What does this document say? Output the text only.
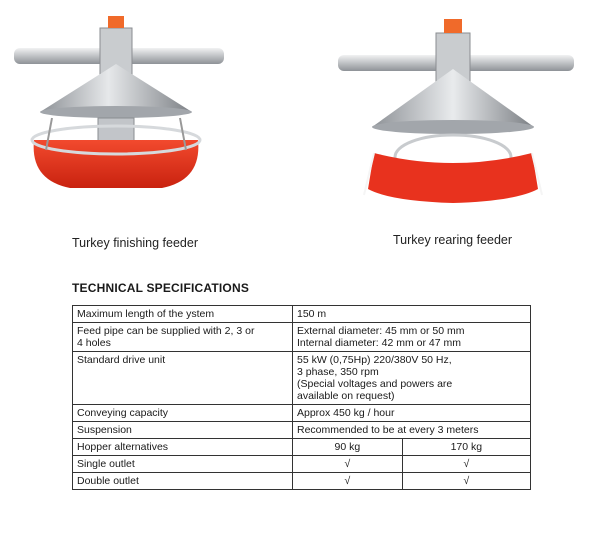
Turkey finishing feeder	Turkey rearing feeder
TECHNICAL SPECIFICATIONS
Maximum length of the ystem	150 m	

Feed pipe can be supplied with 2, 3 or
4 holes	External diameter: 45 mm or 50 mm
Internal diameter: 42 mm or 47 mm	

Standard drive unit	55 kW (0,75Hp) 220/380V 50 Hz,
3 phase, 350 rpm
(Special voltages and powers are
available on request)	

Conveying capacity	Approx 450 kg / hour	
Suspension	Recommended to be at every 3 meters	
Hopper alternatives	90 kg	170 kg
Single outlet	√	√
Double outlet	√	√
